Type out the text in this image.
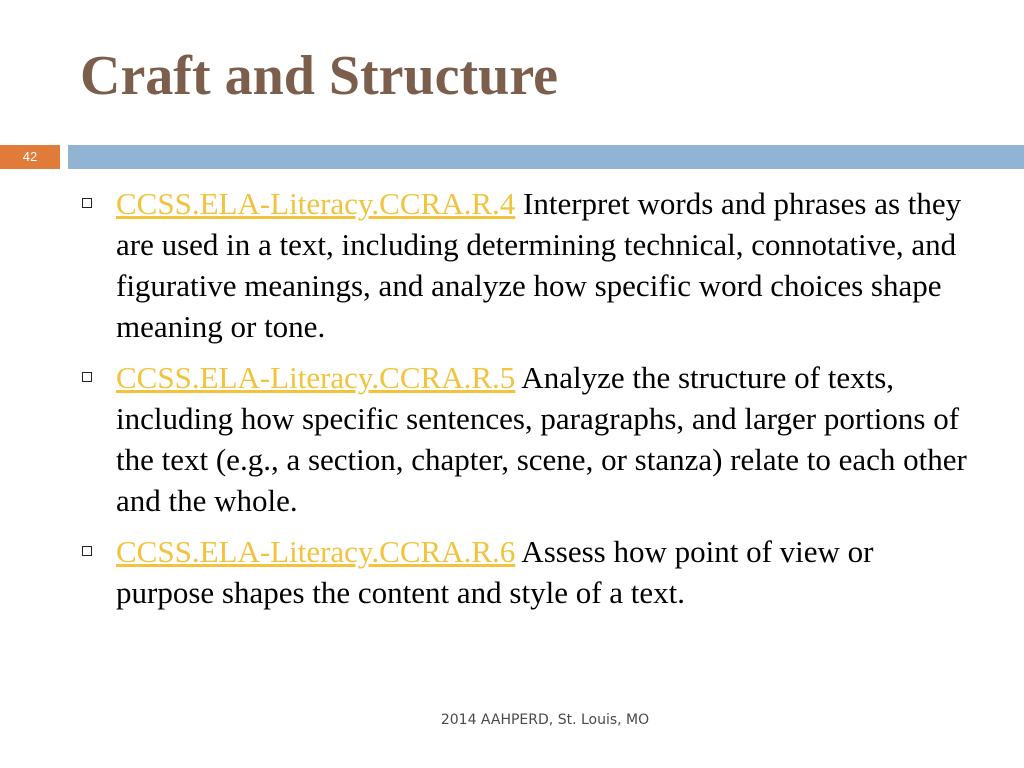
Craft and Structure
42
CCSS.ELA-Literacy.CCRA.R.4 Interpret words and phrases as they are used in a text, including determining technical, connotative, and figurative meanings, and analyze how specific word choices shape meaning or tone.
CCSS.ELA-Literacy.CCRA.R.5 Analyze the structure of texts, including how specific sentences, paragraphs, and larger portions of the text (e.g., a section, chapter, scene, or stanza) relate to each other and the whole.
CCSS.ELA-Literacy.CCRA.R.6 Assess how point of view or purpose shapes the content and style of a text.
2014 AAHPERD, St. Louis, MO
